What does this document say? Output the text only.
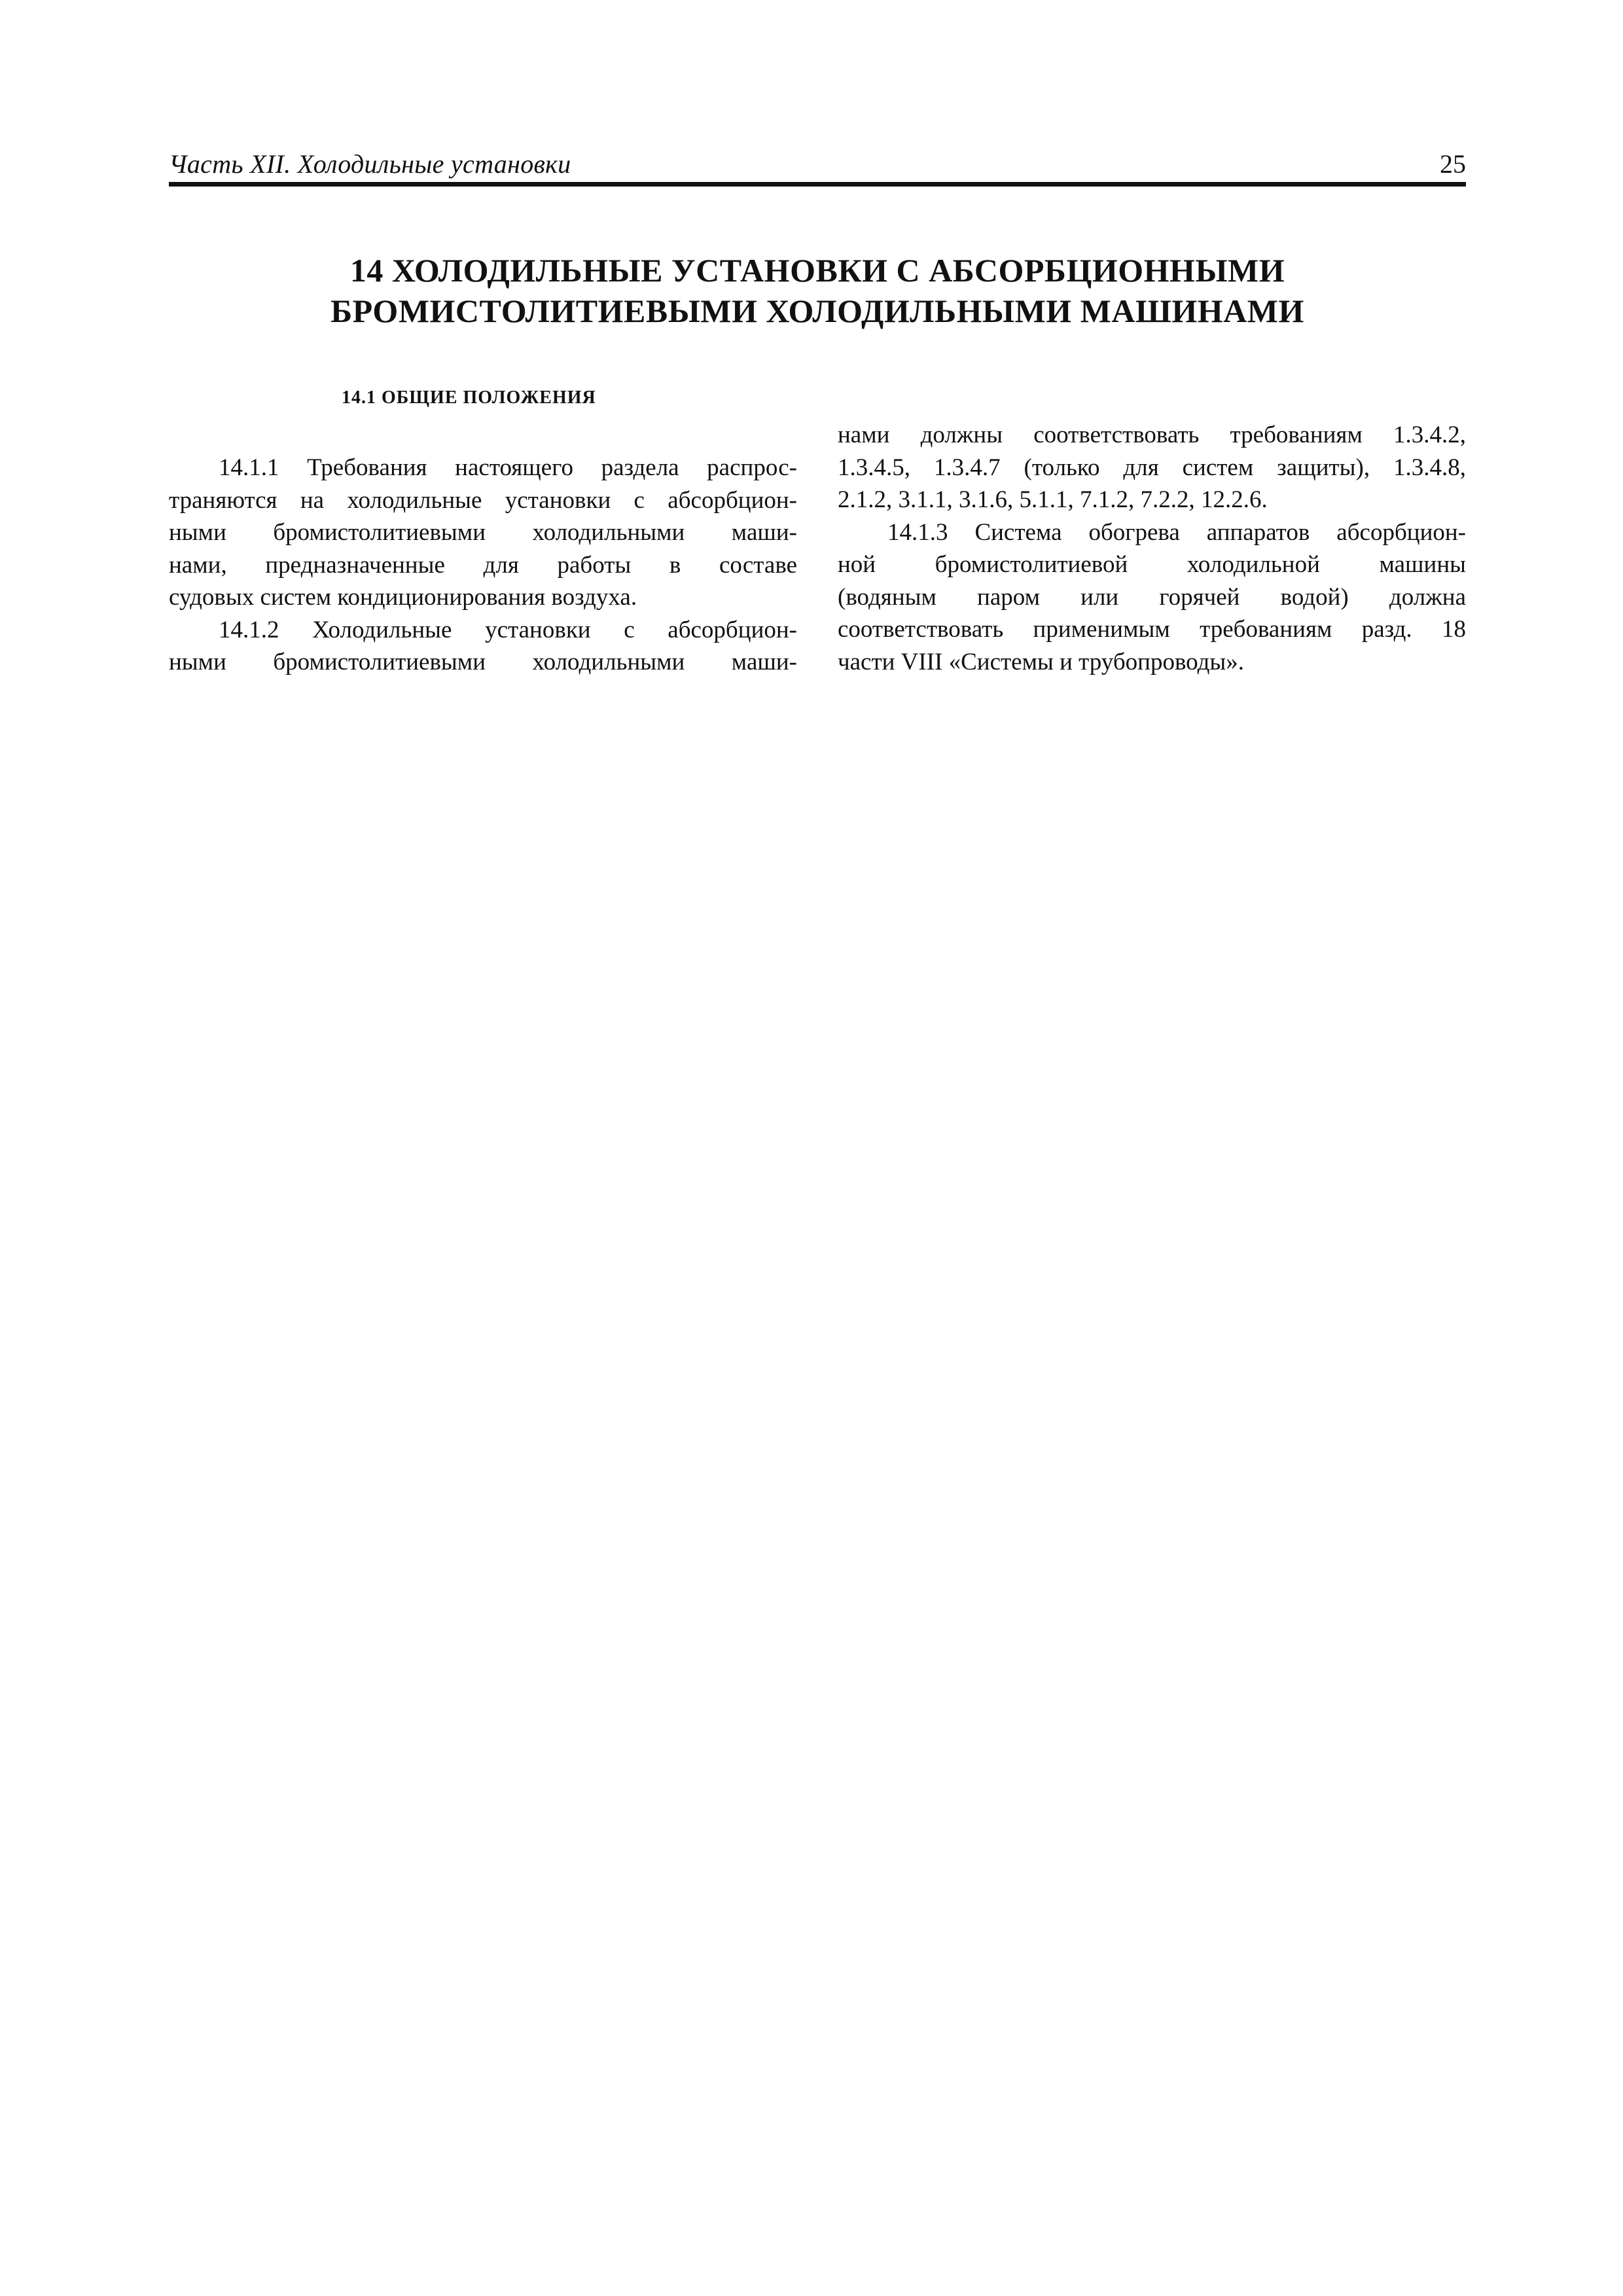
Часть XII. Холодильные установки	25
14 ХОЛОДИЛЬНЫЕ УСТАНОВКИ С АБСОРБЦИОННЫМИ
БРОМИСТОЛИТИЕВЫМИ ХОЛОДИЛЬНЫМИ МАШИНАМИ
14.1 ОБЩИЕ ПОЛОЖЕНИЯ
14.1.1 Требования настоящего раздела распрос-
траняются на холодильные установки с абсорбцион-
ными бромистолитиевыми холодильными маши-
нами, предназначенные для работы в составе
судовых систем кондиционирования воздуха.
14.1.2 Холодильные установки с абсорбцион-
ными бромистолитиевыми холодильными маши-
нами должны соответствовать требованиям 1.3.4.2,
1.3.4.5, 1.3.4.7 (только для систем защиты), 1.3.4.8,
2.1.2, 3.1.1, 3.1.6, 5.1.1, 7.1.2, 7.2.2, 12.2.6.
14.1.3 Система обогрева аппаратов абсорбцион-
ной бромистолитиевой холодильной машины
(водяным паром или горячей водой) должна
соответствовать применимым требованиям разд. 18
части VIII «Системы и трубопроводы».
